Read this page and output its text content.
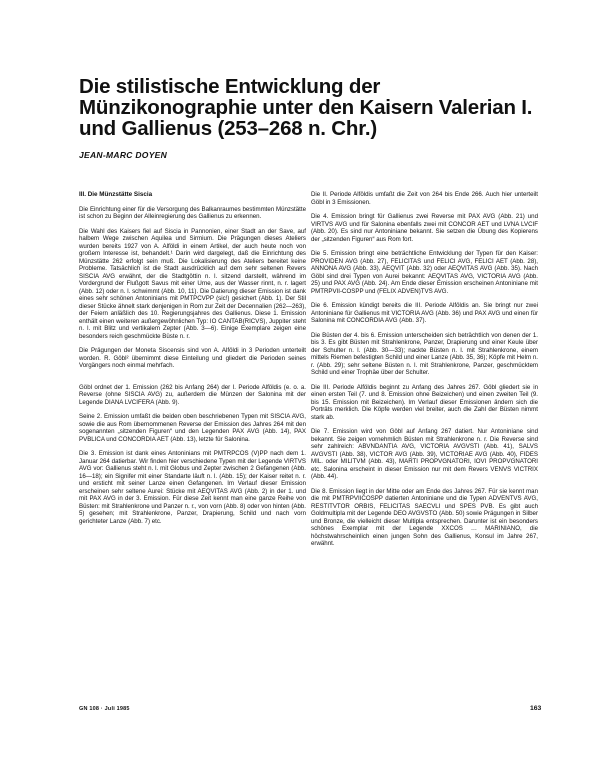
Die stilistische Entwicklung der
Münzikonographie unter den Kaisern Valerian I.
und Gallienus (253–268 n. Chr.)
JEAN-MARC DOYEN
III. Die Münzstätte Siscia

Die Einrichtung einer für die Versorgung des Balkanraumes bestimmten Münzstätte ist schon zu Beginn der Alleinregierung des Gallienus zu erkennen.

Die Wahl des Kaisers fiel auf Siscia in Pannonien, einer Stadt an der Save, auf halbem Wege zwischen Aquilea und Sirmium. Die Prägungen dieses Ateliers wurden bereits 1927 von A. Alföldi in einem Artikel, der auch heute noch von großem Interesse ist, behandelt.¹ Darin wird dargelegt, daß die Einrichtung des Münzstätte 262 erfolgt sein muß. Die Lokalisierung des Ateliers bereitet keine Probleme. Tatsächlich ist die Stadt ausdrücklich auf dem sehr seltenen Revers SISCIA AVG erwähnt, der die Stadtgöttin n. l. sitzend darstellt, während im Vordergrund der Flußgott Savus mit einer Urne, aus der Wasser rinnt, n. r. lagert (Abb. 12) oder n. l. schwimmt (Abb. 10, 11). Die Datierung dieser Emission ist dank eines sehr schönen Antoninians mit PMTPCVPP (sic!) gesichert (Abb. 1). Der Stil dieser Stücke ähnelt stark denjenigen in Rom zur Zeit der Decennalien (262—263), der Feiern anläßlich des 10. Regierungsjahres des Gallienus. Diese 1. Emission enthält einen weiteren außergewöhnlichen Typ: IO CANTAB(RICVS), Juppiter steht n. l. mit Blitz und vertikalem Zepter (Abb. 3—6). Einige Exemplare zeigen eine besonders reich geschmückte Büste n. r.

Die Prägungen der Moneta Siscensis sind von A. Alföldi in 3 Perioden unterteilt worden. R. Göbl² übernimmt diese Einteilung und gliedert die Perioden seines Vorgängers noch einmal mehrfach.

Göbl ordnet der 1. Emission (262 bis Anfang 264) der I. Periode Alföldis (e. o. a. Reverse (ohne SISCIA AVG) zu, außerdem die Münzen der Salonina mit der Legende DIANA LVCIFERA (Abb. 9).

Seine 2. Emission umfaßt die beiden oben beschriebenen Typen mit SISCIA AVG, sowie die aus Rom übernommenen Reverse der Emission des Jahres 264 mit den sogenannten „sitzenden Figuren“ und den Legenden PAX AVG (Abb. 14), PAX PVBLICA und CONCORDIA AET (Abb. 13), letzte für Salonina.

Die 3. Emission ist dank eines Antoninians mit PMTRPCOS (V)PP nach dem 1. Januar 264 datierbar. Wir finden hier verschiedene Typen mit der Legende VIRTVS AVG vor: Gallienus steht n. l. mit Globus und Zepter zwischen 2 Gefangenen (Abb. 16—18); ein Signifer mit einer Standarte läuft n. l. (Abb. 15); der Kaiser reitet n. r. und ersticht mit seiner Lanze einen Gefangenen. Im Verlauf dieser Emission erscheinen sehr seltene Aurei: Stücke mit AEQVITAS AVG (Abb. 2) in der 1. und mit PAX AVG in der 3. Emission. Für diese Zeit kennt man eine ganze Reihe von Büsten: mit Strahlenkrone und Panzer n. r., von vorn (Abb. 8) oder von hinten (Abb. 5) gesehen; mit Strahlenkrone, Panzer, Drapierung, Schild und nach vorn gerichteter Lanze (Abb. 7) etc.

Die II. Periode Alföldis umfaßt die Zeit von 264 bis Ende 266. Auch hier unterteilt Göbl in 3 Emissionen.

Die 4. Emission bringt für Gallienus zwei Reverse mit PAX AVG (Abb. 21) und VIRTVS AVG und für Salonina ebenfalls zwei mit CONCOR AET und LVNA LVCIF (Abb. 20). Es sind nur Antoniniane bekannt. Sie setzen die Übung des Kopierens der „sitzenden Figuren“ aus Rom fort.

Die 5. Emission bringt eine beträchtliche Entwicklung der Typen für den Kaiser: PROVIDEN AVG (Abb. 27), FELICITAS und FELICI AVG, FELICI AET (Abb. 28), ANNONA AVG (Abb. 33), AEQVIT (Abb. 32) oder AEQVITAS AVG (Abb. 35). Nach Göbl sind drei Typen von Aurei bekannt: AEQVITAS AVG, VICTORIA AVG (Abb. 25) und PAX AVG (Abb. 24). Am Ende dieser Emission erscheinen Antoniniane mit PMTRPVII-COSPP und (FELIX ADVEN)TVS AVG.

Die 6. Emission kündigt bereits die III. Periode Alföldis an. Sie bringt nur zwei Antoniniane für Gallienus mit VICTORIA AVG (Abb. 36) und PAX AVG und einen für Salonina mit CONCORDIA AVG (Abb. 37).

Die Büsten der 4. bis 6. Emission unterscheiden sich beträchtlich von denen der 1. bis 3. Es gibt Büsten mit Strahlenkrone, Panzer, Drapierung und einer Keule über der Schulter n. l. (Abb. 30—33); nackte Büsten n. l. mit Strahlenkrone, einem mittels Riemen befestigten Schild und einer Lanze (Abb. 35, 36); Köpfe mit Helm n. r. (Abb. 29); sehr seltene Büsten n. l. mit Strahlenkrone, Panzer, geschmücktem Schild und einer Trophäe über der Schulter.

Die III. Periode Alföldis beginnt zu Anfang des Jahres 267. Göbl gliedert sie in einen ersten Teil (7. und 8. Emission ohne Beizeichen) und einen zweiten Teil (9. bis 15. Emission mit Beizeichen). Im Verlauf dieser Emissionen ändern sich die Porträts merklich. Die Köpfe werden viel breiter, auch die Zahl der Büsten nimmt stark ab.

Die 7. Emission wird von Göbl auf Anfang 267 datiert. Nur Antoniniane sind bekannt. Sie zeigen vornehmlich Büsten mit Strahlenkrone n. r. Die Reverse sind sehr zahlreich: ABVNDANTIA AVG, VICTORIA AVGVSTI (Abb. 41), SALVS AVGVSTI (Abb. 38), VICTOR AVG (Abb. 39), VICTORIAE AVG (Abb. 40), FIDES MIL. oder MILITVM (Abb. 43), MARTI PROPVGNATORI, IOVI PROPVGNATORI etc. Salonina erscheint in dieser Emission nur mit dem Revers VENVS VICTRIX (Abb. 44).

Die 8. Emission liegt in der Mitte oder am Ende des Jahres 267. Für sie kennt man die mit PMTRPVIICOSPP datierten Antoniniane und die Typen ADVENTVS AVG, RESTITVTOR ORBIS, FELICITAS SAECVLI und SPES PVB. Es gibt auch Goldmultipla mit der Legende DEO AVGVSTO (Abb. 50) sowie Prägungen in Silber und Bronze, die vielleicht dieser Multipla entsprechen. Darunter ist ein besonders schönes Exemplar mit der Legende XXCOS … MARINIANO, die höchstwahrscheinlich einen jungen Sohn des Gallienus, Konsul im Jahre 267, erwähnt.

GN 108 · Juli 1985	163
